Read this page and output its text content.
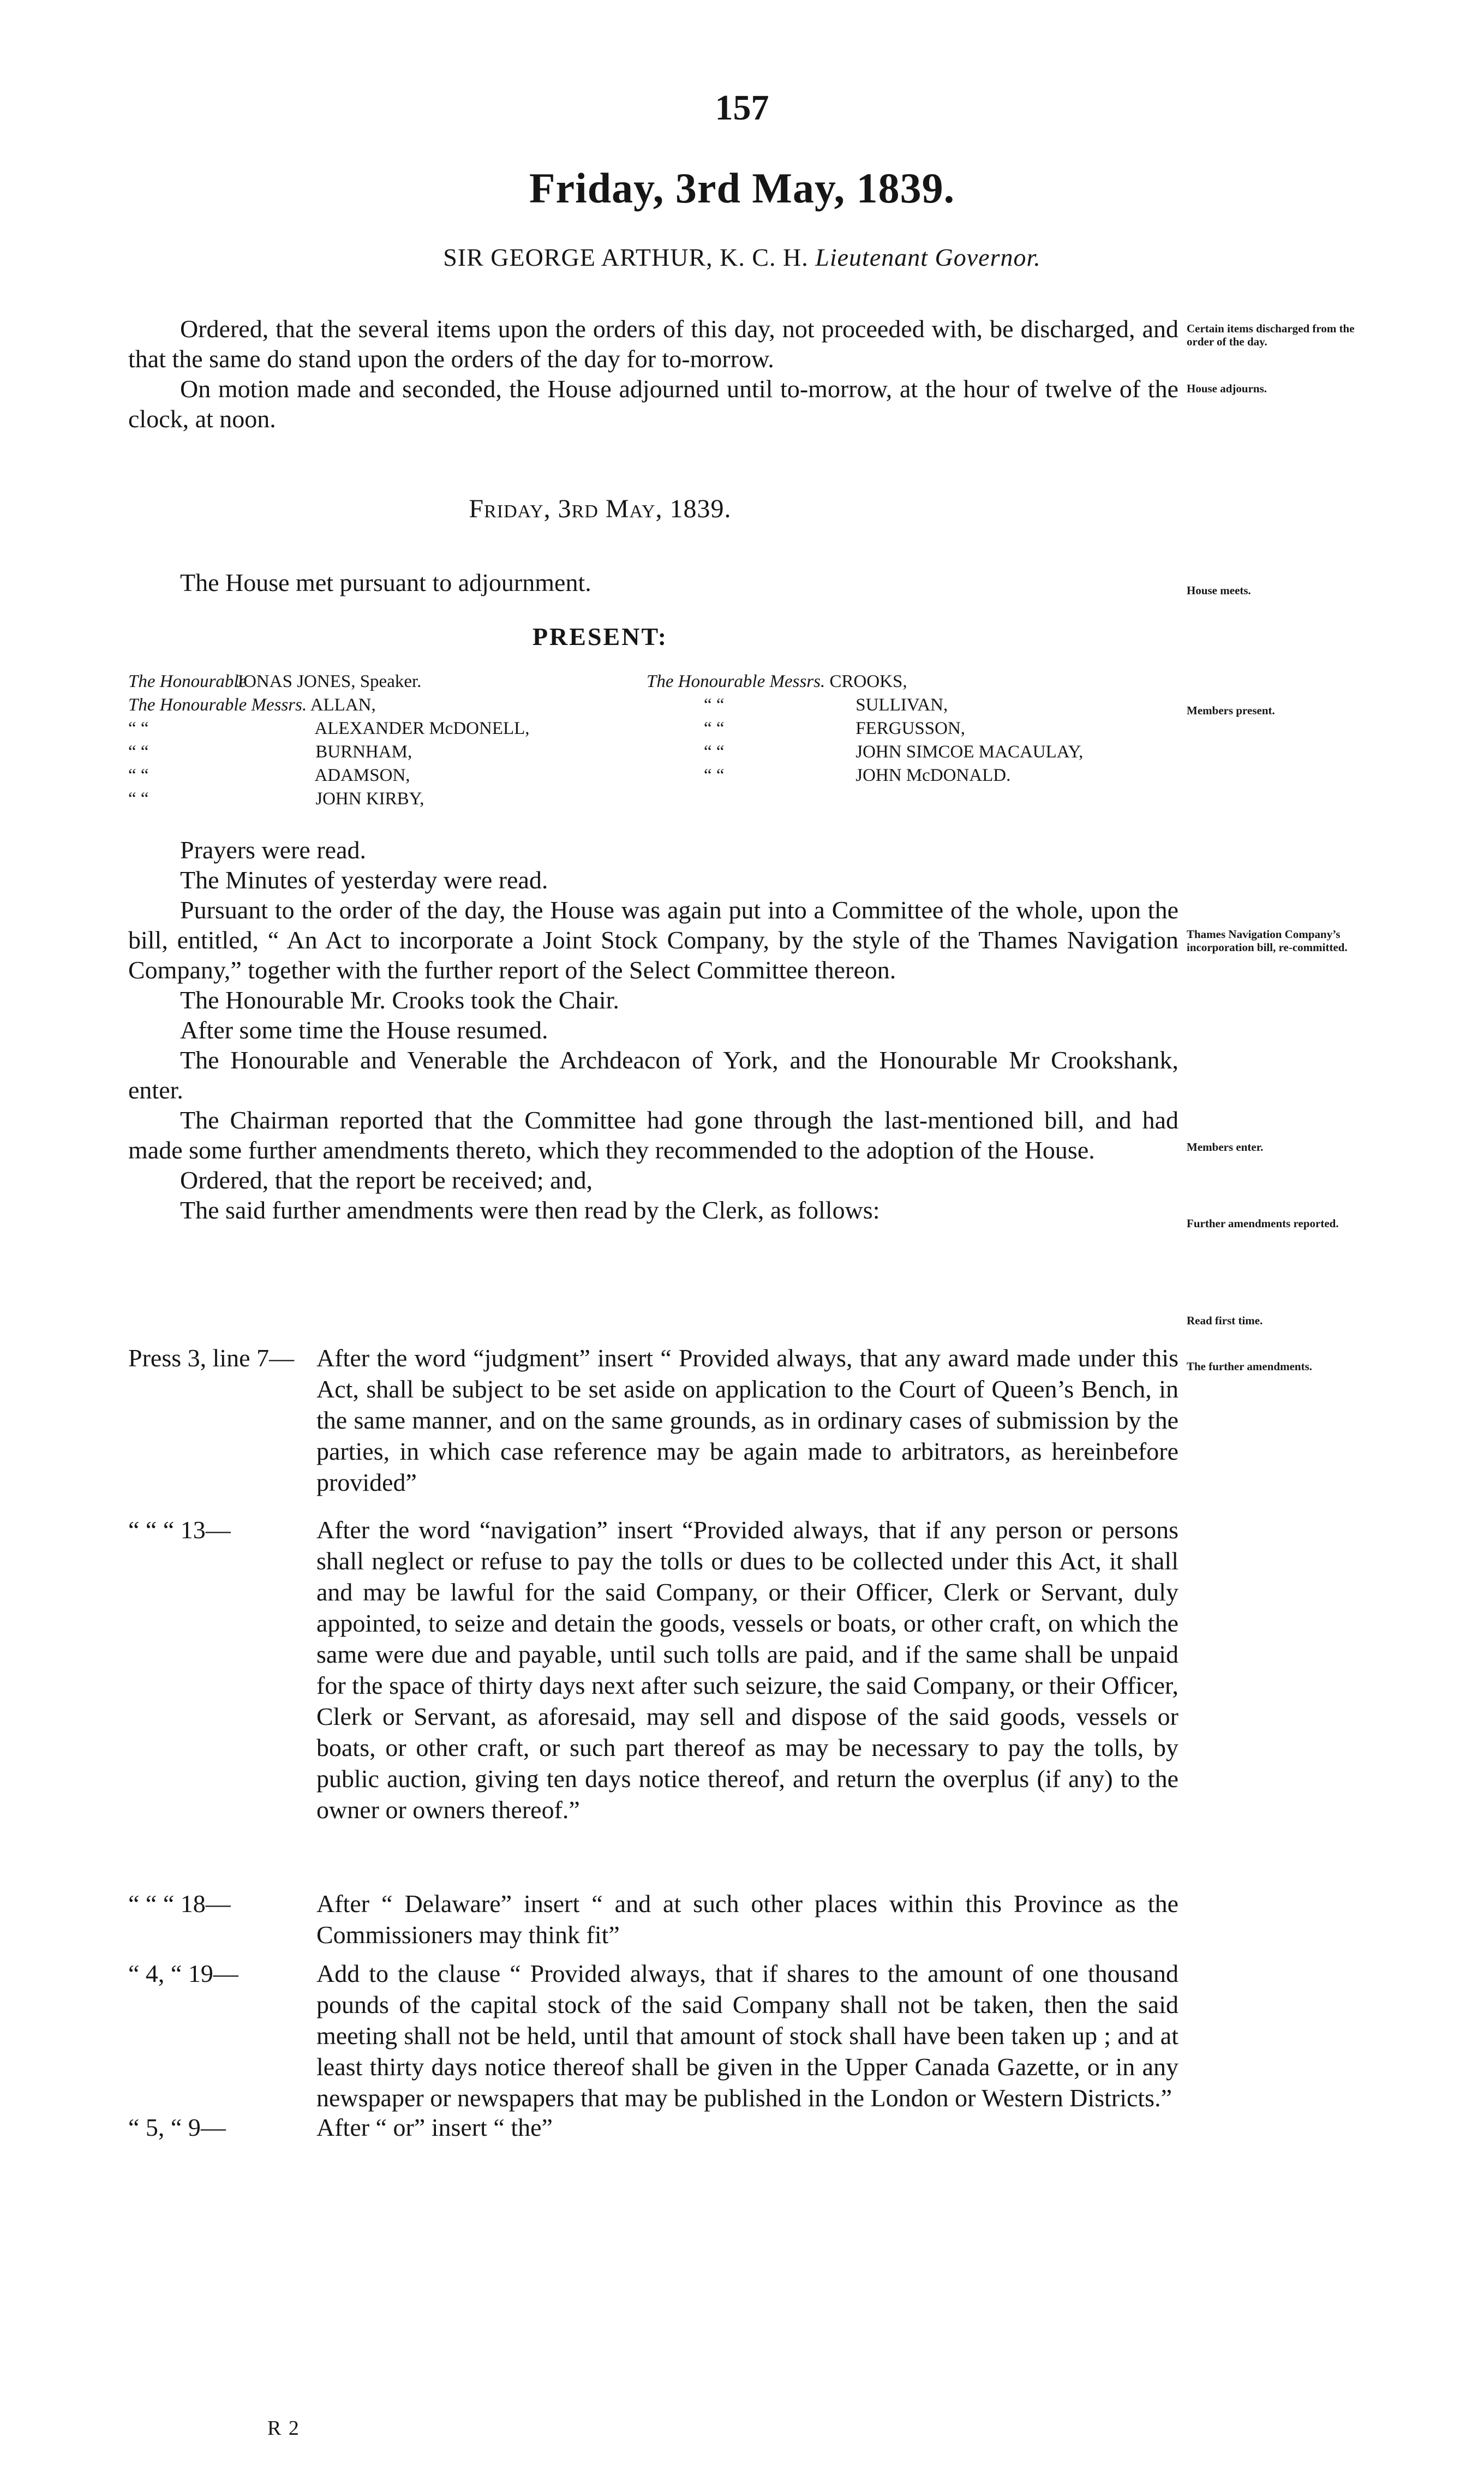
157
Friday, 3rd May, 1839.
SIR GEORGE ARTHUR, K. C. H. Lieutenant Governor.
Ordered, that the several items upon the orders of this day, not proceeded with, be discharged, and that the same do stand upon the orders of the day for to-morrow.
On motion made and seconded, the House adjourned until to-morrow, at the hour of twelve of the clock, at noon.
Friday, 3rd May, 1839.
The House met pursuant to adjournment.
PRESENT:
The Honourable JONAS JONES, Speaker.
The Honourable Messrs. ALLAN,
“ “	ALEXANDER McDONELL,
“ “	BURNHAM,
“ “	ADAMSON,
“ “	JOHN KIRBY,
The Honourable Messrs. CROOKS,
“ “	SULLIVAN,
“ “	FERGUSSON,
“ “	JOHN SIMCOE MACAULAY,
“ “	JOHN McDONALD.
Prayers were read.
The Minutes of yesterday were read.
Pursuant to the order of the day, the House was again put into a Committee of the whole, upon the bill, entitled, “ An Act to incorporate a Joint Stock Company, by the style of the Thames Navigation Company,” together with the further report of the Select Committee thereon.
The Honourable Mr. Crooks took the Chair.
After some time the House resumed.
The Honourable and Venerable the Archdeacon of York, and the Honourable Mr Crookshank, enter.
The Chairman reported that the Committee had gone through the last-mentioned bill, and had made some further amendments thereto, which they recommended to the adoption of the House.
Ordered, that the report be received; and,
The said further amendments were then read by the Clerk, as follows:
Press 3, line 7— After the word “judgment” insert “ Provided always, that any award made under this Act, shall be subject to be set aside on application to the Court of Queen’s Bench, in the same manner, and on the same grounds, as in ordinary cases of submission by the parties, in which case reference may be again made to arbitrators, as hereinbefore provided”
“ “ “ 13—	After the word “navigation” insert “Provided always, that if any person or persons shall neglect or refuse to pay the tolls or dues to be collected under this Act, it shall and may be lawful for the said Company, or their Officer, Clerk or Servant, duly appointed, to seize and detain the goods, vessels or boats, or other craft, on which the same were due and payable, until such tolls are paid, and if the same shall be unpaid for the space of thirty days next after such seizure, the said Company, or their Officer, Clerk or Servant, as aforesaid, may sell and dispose of the said goods, vessels or boats, or other craft, or such part thereof as may be necessary to pay the tolls, by public auction, giving ten days notice thereof, and return the overplus (if any) to the owner or owners thereof.”
“ “ “ 18—	After “ Delaware” insert “ and at such other places within this Province as the Commissioners may think fit”
“ 4, “ 19—	Add to the clause “ Provided always, that if shares to the amount of one thousand pounds of the capital stock of the said Company shall not be taken, then the said meeting shall not be held, until that amount of stock shall have been taken up ; and at least thirty days notice thereof shall be given in the Upper Canada Gazette, or in any newspaper or newspapers that may be published in the London or Western Districts.”
“ 5, “ 9—	After “ or” insert “ the”
Certain items discharged from the order of the day.
House adjourns.
House meets.
Members present.
Thames Navigation Company’s incorporation bill, re-committed.
Members enter.
Further amendments reported.
Read first time.
The further amendments.
R 2
